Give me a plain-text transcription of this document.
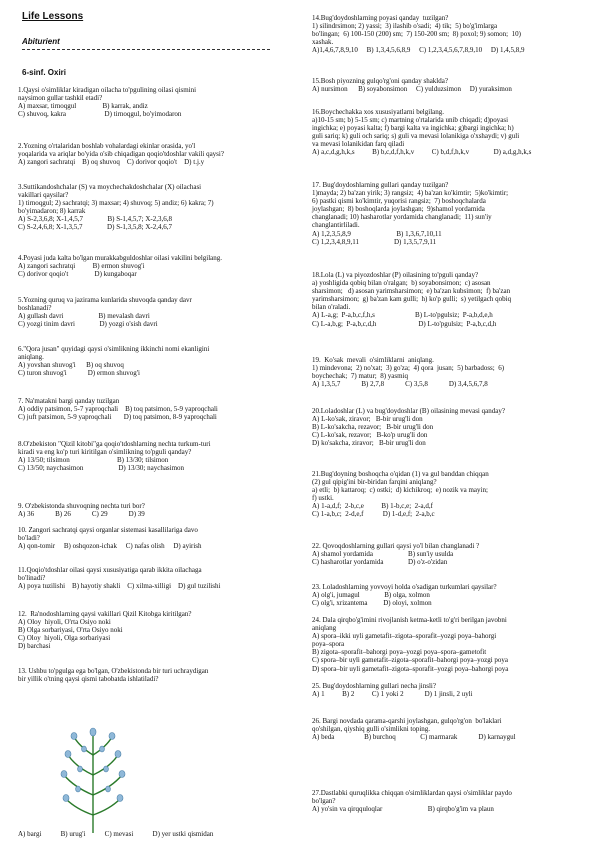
Life Lessons
Abiturient
6-sinf. Oxiri

1.Qaysi o'simliklar kiradigan oilacha to'pgulining oilasi qismini

naysimon gullar tashkil etadi?

A) maxsar, tirnoqgul               B) karrak, andiz

C) shuvoq, kakra                      D) tirnoqgul, bo'yimodaron

2.Yozning o'rtalaridan boshlab vohalardagi ekinlar orasida, yo'l

yoqalarida va ariqlar bo'yida o'sib chiqadigan qoqio'tdoshlar vakili qaysi?

A) zangori sachratqi    B) oq shuvoq    C) dorivor qoqio't    D) t.j.y

3.Suttikandoshchalar (S) va moychechakdoshchalar (X) oilachasi

vakillari qaysilar?

1) tirnoqgul; 2) sachratqi; 3) maxsar; 4) shuvoq; 5) andiz; 6) kakra; 7)

bo'yimadaron; 8) karrak

A) S-2,3,6,8; X-1,4,5,7              B) S-1,4,5,7; X-2,3,6,8

C) S-2,4,6,8; X-1,3,5,7              D) S-1,3,5,8; X-2,4,6,7

4.Poyasi juda kalta bo'lgan murakkabguldoshlar oilasi vakilini belgilang.

A) zangori sachratqi          B) ermon shuvog'i

C) dorivor qoqio't               D) kungaboqar

5.Yozning quruq va jazirama kunlarida shuvoqda qanday davr

boshlanadi?

A) gullash davri                    B) mevalash davri

C) yozgi tinim davri              D) yozgi o'sish davri

6."Qora jusan" quyidagi qaysi o'simlikning ikkinchi nomi ekanligini

aniqlang.

A) yovshan shuvog'i      B) oq shuvoq

C) turon shuvog'i            D) ermon shuvog'i

7. Na'matakni bargi qanday tuzilgan

A) oddiy patsimon, 5-7 yaproqchali    B) toq patsimon, 5-9 yaproqchali

C) juft patsimon, 5-9 yaproqchali       D) toq patsimon, 8-9 yaproqchali

8.O'zbekiston "Qizil kitobi"ga qoqio'tdoshlarning nechta turkum-turi

kiradi va eng ko'p turi kiritilgan o'simlikning to'pguli qanday?

A) 13/50; tilsimon                           B) 13/30; tilsimon

C) 13/50; naychasimon                    D) 13/30; naychasimon

9. O'zbekistonda shuvoqning nechta turi bor?

A) 36            B) 26            C) 29            D) 39

10. Zangori sachratqi qaysi organlar sistemasi kasallilariga davo

bo'ladi?

A) qon-tomir     B) oshqozon-ichak     C) nafas olish     D) ayirish

11.Qoqio'tdoshlar oilasi qaysi xususiyatiga qarab ikkita oilachaga

bo'linadi?

A) poya tuzilishi    B) hayotiy shakli    C) xilma-xilligi    D) gul tuzilishi

12.  Ra'nodoshlarning qaysi vakillari Qizil Kitobga kiritilgan?

A) Oloy  hiyoli, O'rta Osiyo noki

B) Olga sorbariyasi, O'rta Osiyo noki

C) Oloy  hiyoli, Olga sorbariyasi

D) barchasi

13. Ushbu to'pgulga ega bo'lgan, O'zbekistonda bir turi uchraydigan

bir yillik o'tning qaysi qismi tabobatda ishlatiladi?

14.Bug'doydoshlarning poyasi qanday  tuzilgan?

1) silindrsimon; 2) yassi;  3) ilashib o'sadi;  4) tik;  5) bo'g'imlarga

bo'lingan;  6) 100-150 (200) sm;  7) 150-200 sm;  8) poxol; 9) somon;  10)

xashak.

A)1,4,6,7,8,9,10     B) 1,3,4,5,6,8,9     C) 1,2,3,4,5,6,7,8,9,10     D) 1,4,5,8,9

15.Bosh piyozning gulqo'rg'oni qanday shaklda?

A) nursimon      B) soyabonsimon     C) yulduzsimon     D) yuraksimon

16.Boychechakka xos xususiyatlarni belgilang.

a)10-15 sm; b) 5-15 sm; c) martning o'rtalarida unib chiqadi; d)poyasi

ingichka; e) poyasi kalta; f) bargi kalta va ingichka; g)bargi ingichka; h)

guli sariq; k) guli och sariq; s) guli va mevasi lolanikiga o'xshaydi; v) guli

va mevasi lolanikidan farq qiladi

A) a,c,d,g,h,k,s          B) b,c,d,f,h,k,v          C) b,d,f,h,k,v              D) a,d,g,h,k,s

17. Bug'doydoshlarning gullari qanday tuzilgan?

1)mayda; 2) ba'zan yirik; 3) rangsiz;  4) ba'zan ko'kimtir;  5)ko'kimtir;

6) pastki qismi ko'kimtir, yuqorisi rangsiz;  7) boshoqchalarda

joylashgan;  8) boshoqlarda joylashgan;  9)shamol yordamida

changlanadi; 10) hasharotlar yordamida changlanadi;  11) sun'iy

changlantirliladi.

A) 1,2,3,5,8,9                          B) 1,3,6,7,10,11

C) 1,2,3,4,8,9,11                    D) 1,3,5,7,9,11

18.Lola (L) va piyozdoshlar (P) oilasining to'pguli qanday?

a) yoshligida qobiq bilan o'ralgan;  b) soyabonsimon;  c) asosan

sharsimon;   d) asosan yarimsharsimon;  e) ba'zan kubsimon;  f) ba'zan

yarimsharsimon;  g) ba'zan kam gulli;  h) ko'p gulli;  s) yetilgach qobiq

bilan o'raladi.

A) L-a,g;  P-a,b,c,f,h,s                       B) L-to'pgulsiz;  P-a,b,d,e,h

C) L-a,b,g;  P-a,b,c,d,h                        D) L-to'pgulsiz;  P-a,b,c,d,h

19.  Ko'sak  mevali  o'simliklarni  aniqlang.

1) mindevona;  2) no'xat;  3) go'za;  4) qora  jusan;  5) barbadoss;  6)

boychechak;  7) matur;  8) yasmiq

A) 1,3,5,7            B) 2,7,8            C) 3,5,8            D) 3,4,5,6,7,8

20.Loladoshlar (L) va bug'doydoshlar (B) oilasining mevasi qanday?

A) L-ko'sak, ziravor;   B-bir urug'li don

B) L-ko'sakcha, rezavor;   B-bir urug'li don

C) L-ko'sak, rezavor;   B-ko'p urug'li don

D) ko'sakcha, ziravor;   B-bir urug'li don

21.Bug'doyning boshoqcha o'qidan (1) va gul banddan chiqqan

(2) gul qipig'ini bir-biridan farqini aniqlang?

a) etli;  b) kattaroq;  c) ostki;  d) kichikroq;  e) nozik va mayin;

f) ustki.

A) 1-a,d,f;  2-b,c,e          B) 1-b,c,e;  2-a,d,f

C) 1-a,b,c;  2-d,e,f           D) 1-d,e,f;  2-a,b,c

22. Qovoqdoshlarning gullari qaysi yo'l bilan changlanadi ?

A) shamol yordamida                    B) sun'iy usulda

C) hasharotlar yordamida              D) o'z-o'zidan

23. Loladoshlarning yovvoyi holda o'sadigan turkumlari qaysilar?

A) olg'i, jumagul              B) olga, xolmon

C) olg'i, xrizantema         D) oloyi, xolmon

24. Dala qirqbo'g'imini rivojlanish ketma-ketli to'g'ri berilgan javobni

aniqlang

A) spora–ikki uyli gametafit–zigota–sporafit–yozgi poya–bahorgi

poya–spora

B) zigota–sporafit–bahorgi poya–yozgi poya–spora–gametofit

C) spora–bir uyli gametafit–zigota–sporafit–bahorgi poya–yozgi poya

D) spora–bir uyli gametafit–zigota–sporafit–yozgi poya–bahorgi poya

25. Bug'doydoshlarning gullari necha jinsli?

A) 1          B) 2          C) 1 yoki 2            D) 1 jinsli, 2 uyli

26. Bargi novdada qarama-qarshi joylashgan, gulqo'rg'on  bo'laklari

qo'shilgan, qiyshiq gulli o'simlikni toping.

A) beda                 B) burchoq              C) marmarak            D) karnaygul

27.Dastlabki quruqlikka chiqqan o'simliklardan qaysi o'simliklar paydo

bo'lgan?

A) yo'sin va qirqquloqlar                          B) qirqbo'g'im va plaun

A) bargi           B) urug'i           C) mevasi           D) yer ustki qismidan
